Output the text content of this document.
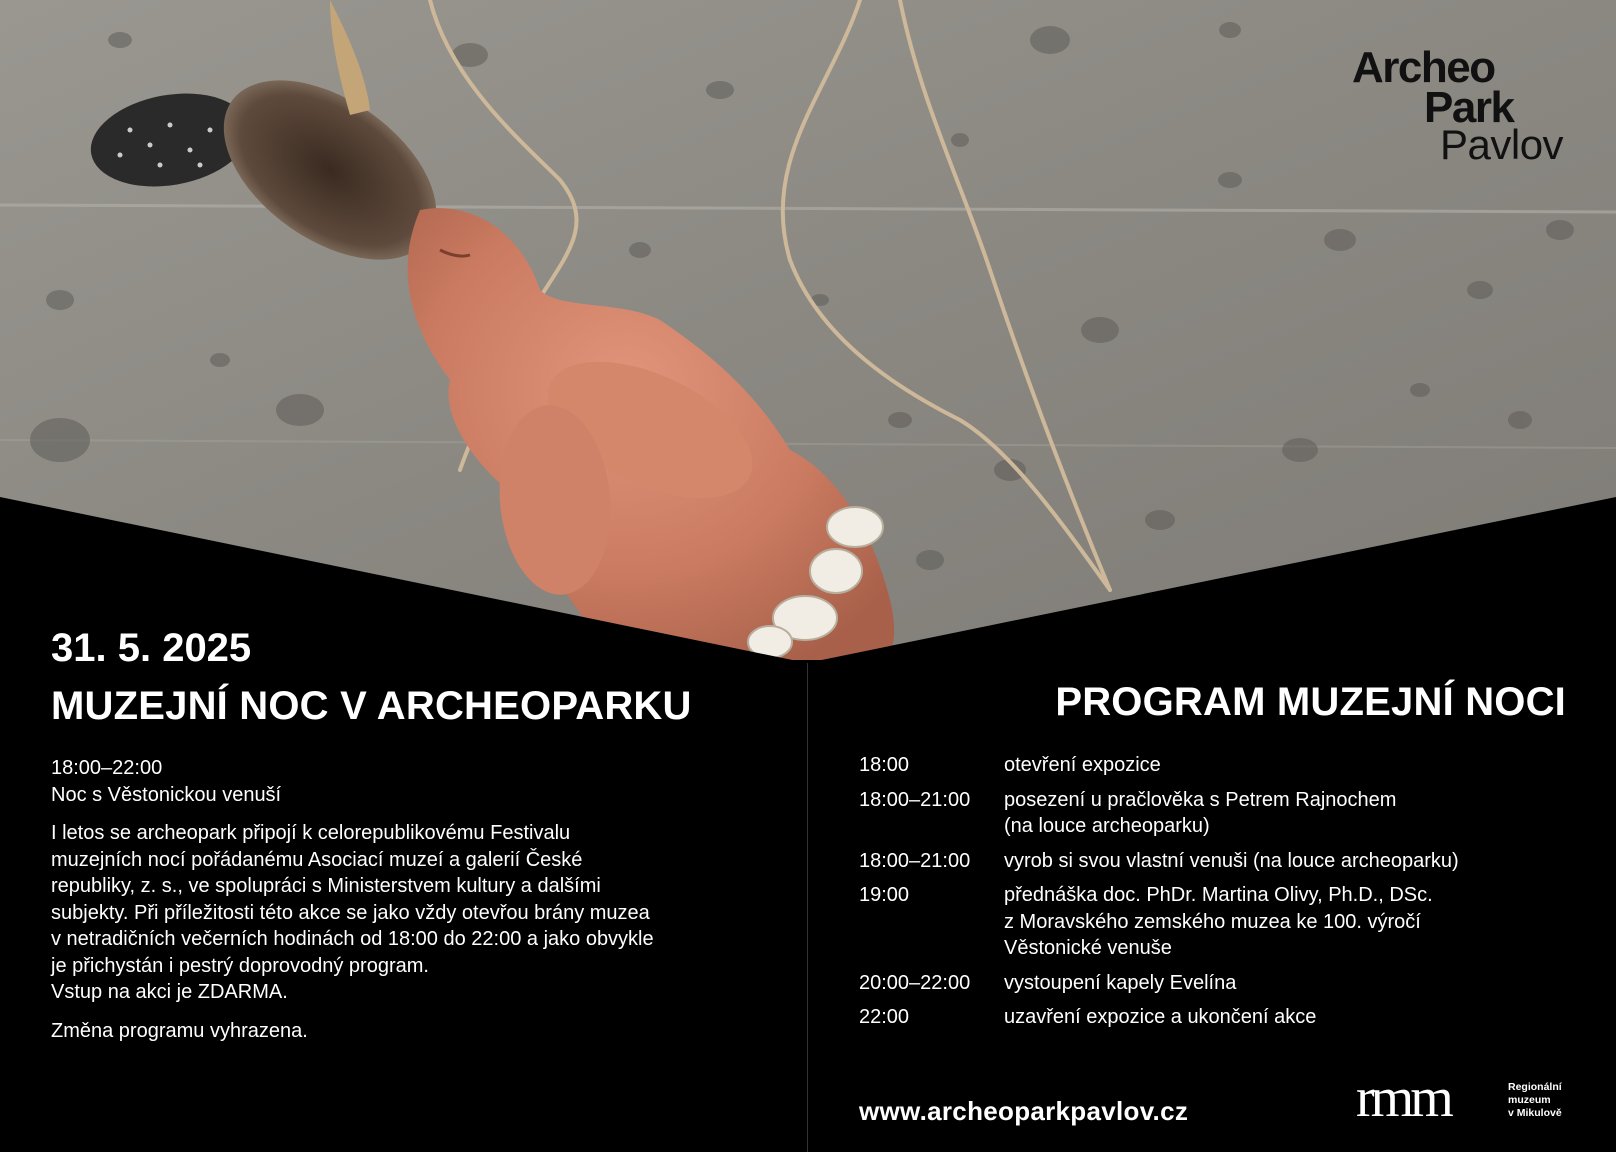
Archeo
Park
Pavlov
31. 5. 2025
MUZEJNÍ NOC V ARCHEOPARKU

18:00–22:00

Noc s Věstonickou venuší

I letos se archeopark připojí k celorepublikovému Festivalu

muzejních nocí pořádanému Asociací muzeí a galerií České

republiky, z. s., ve spolupráci s Ministerstvem kultury a dalšími

subjekty. Při příležitosti této akce se jako vždy otevřou brány muzea

v netradičních večerních hodinách od 18:00 do 22:00 a jako obvykle

je přichystán i pestrý doprovodný program.

Vstup na akci je ZDARMA.

Změna programu vyhrazena.

PROGRAM MUZEJNÍ NOCI
18:00	otevření expozice
18:00–21:00	posezení u pračlověka s Petrem Rajnochem
(na louce archeoparku)
18:00–21:00	vyrob si svou vlastní venuši (na louce archeoparku)
19:00	přednáška doc. PhDr. Martina Olivy, Ph.D., DSc.
z Moravského zemského muzea ke 100. výročí
Věstonické venuše
20:00–22:00	vystoupení kapely Evelína
22:00	uzavření expozice a ukončení akce
www.archeoparkpavlov.cz	rmm	Regionální
muzeum
v Mikulově
